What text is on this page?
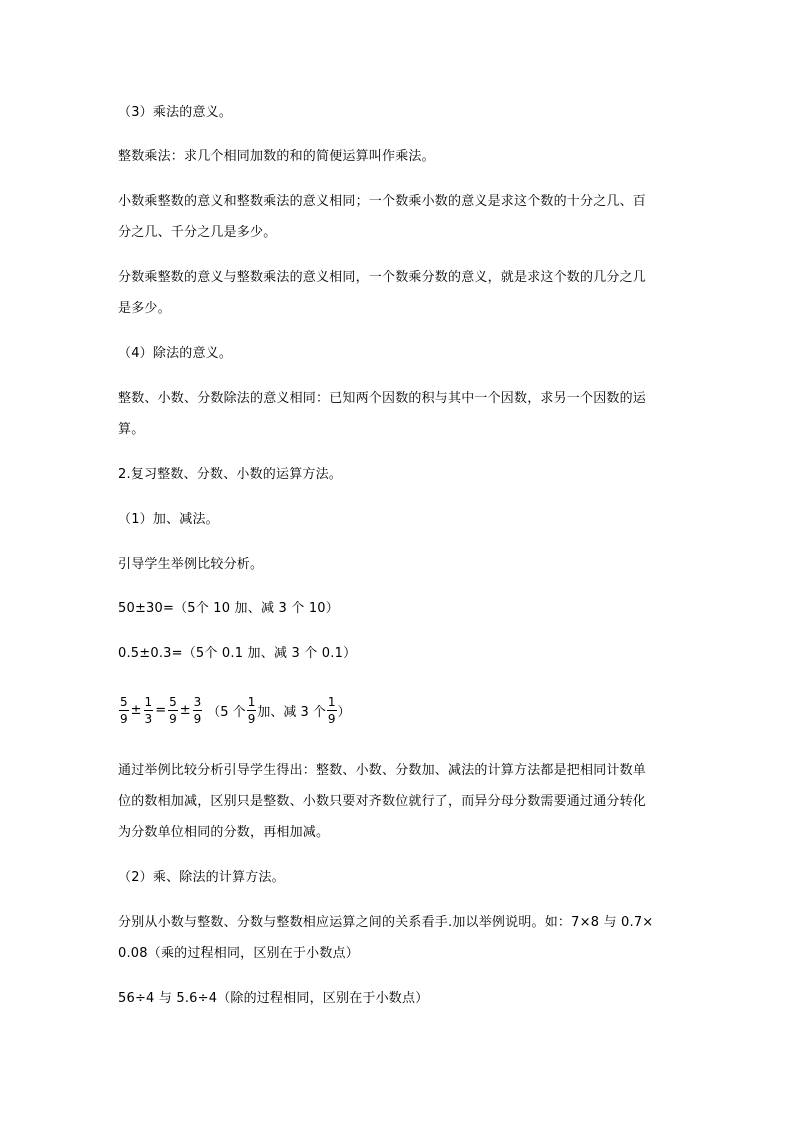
（3）乘法的意义。
整数乘法：求几个相同加数的和的简便运算叫作乘法。
小数乘整数的意义和整数乘法的意义相同；一个数乘小数的意义是求这个数的十分之几、百
分之几、千分之几是多少。
分数乘整数的意义与整数乘法的意义相同，一个数乘分数的意义，就是求这个数的几分之几
是多少。
（4）除法的意义。
整数、小数、分数除法的意义相同：已知两个因数的积与其中一个因数，求另一个因数的运
算。
2.复习整数、分数、小数的运算方法。
（1）加、减法。
引导学生举例比较分析。
50±30=（5个 10 加、减 3 个 10）
0.5±0.3=（5个 0.1 加、减 3 个 0.1）
$\frac{5}{9} \pm \frac{1}{3} = \frac{5}{9} \pm \frac{3}{9} (5$ 个 $\frac{1}{9}$ 加、减 3 个 $\frac{1}{9}$ ）
通过举例比较分析引导学生得出：整数、小数、分数加、减法的计算方法都是把相同计数单
位的数相加减，区别只是整数、小数只要对齐数位就行了，而异分母分数需要通过通分转化
为分数单位相同的分数，再相加减。
（2）乘、除法的计算方法。
分别从小数与整数、分数与整数相应运算之间的关系看手.加以举例说明。如：7×8 与 0.7×
0.08（乘的过程相同，区别在于小数点）
56÷4 与 5.6÷4（除的过程相同，区别在于小数点）
